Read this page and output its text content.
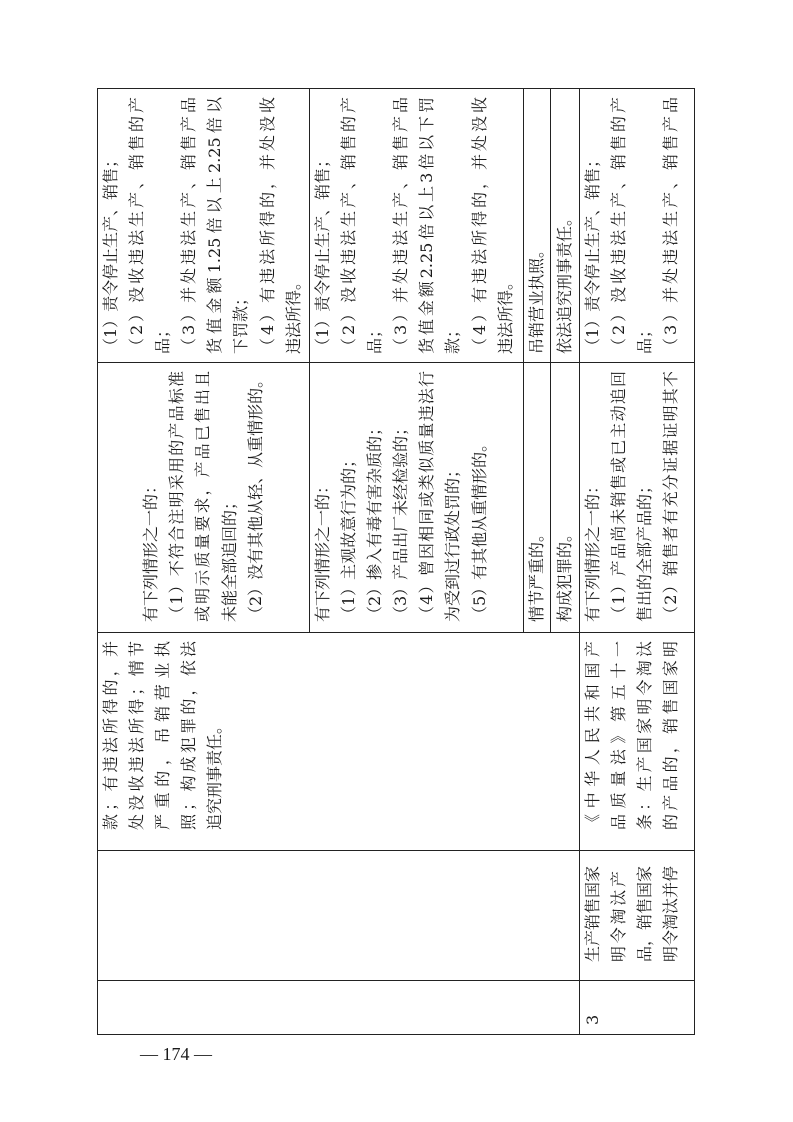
款；有违法所得的，并 处没收违法所得；情节 严重的，吊销营业执 照；构成犯罪的，依法 追究刑事责任。
有下列情形之一的： （1）不符合注明采用的产品标准 或明示质量要求，产品已售出且 未能全部追回的； （2）没有其他从轻、从重情形的。
（1）责令停止生产、销售； （2）没收违法生产、销售的产 品； （3）并处违法生产、销售产品 货值金额1.25倍以上2.25倍以 下罚款； （4）有违法所得的，并处没收 违法所得。
有下列情形之一的： （1）主观故意行为的； （2）掺入有毒有害杂质的； （3）产品出厂未经检验的； （4）曾因相同或类似质量违法行 为受到过行政处罚的； （5）有其他从重情形的。
（1）责令停止生产、销售； （2）没收违法生产、销售的产 品； （3）并处违法生产、销售产品 货值金额2.25倍以上3倍以下罚 款； （4）有违法所得的，并处没收 违法所得。
情节严重的。
吊销营业执照。
构成犯罪的。
依法追究刑事责任。
3
生产销售国家 明令淘汰产 品，销售国家 明令淘汰并停
《中华人民共和国产 品质量法》第五十一 条：生产国家明令淘汰 的产品的，销售国家明
有下列情形之一的： （1）产品尚未销售或已主动追回 售出的全部产品的； （2）销售者有充分证据证明其不
（1）责令停止生产、销售； （2）没收违法生产、销售的产 品； （3）并处违法生产、销售产品
— 174 —
